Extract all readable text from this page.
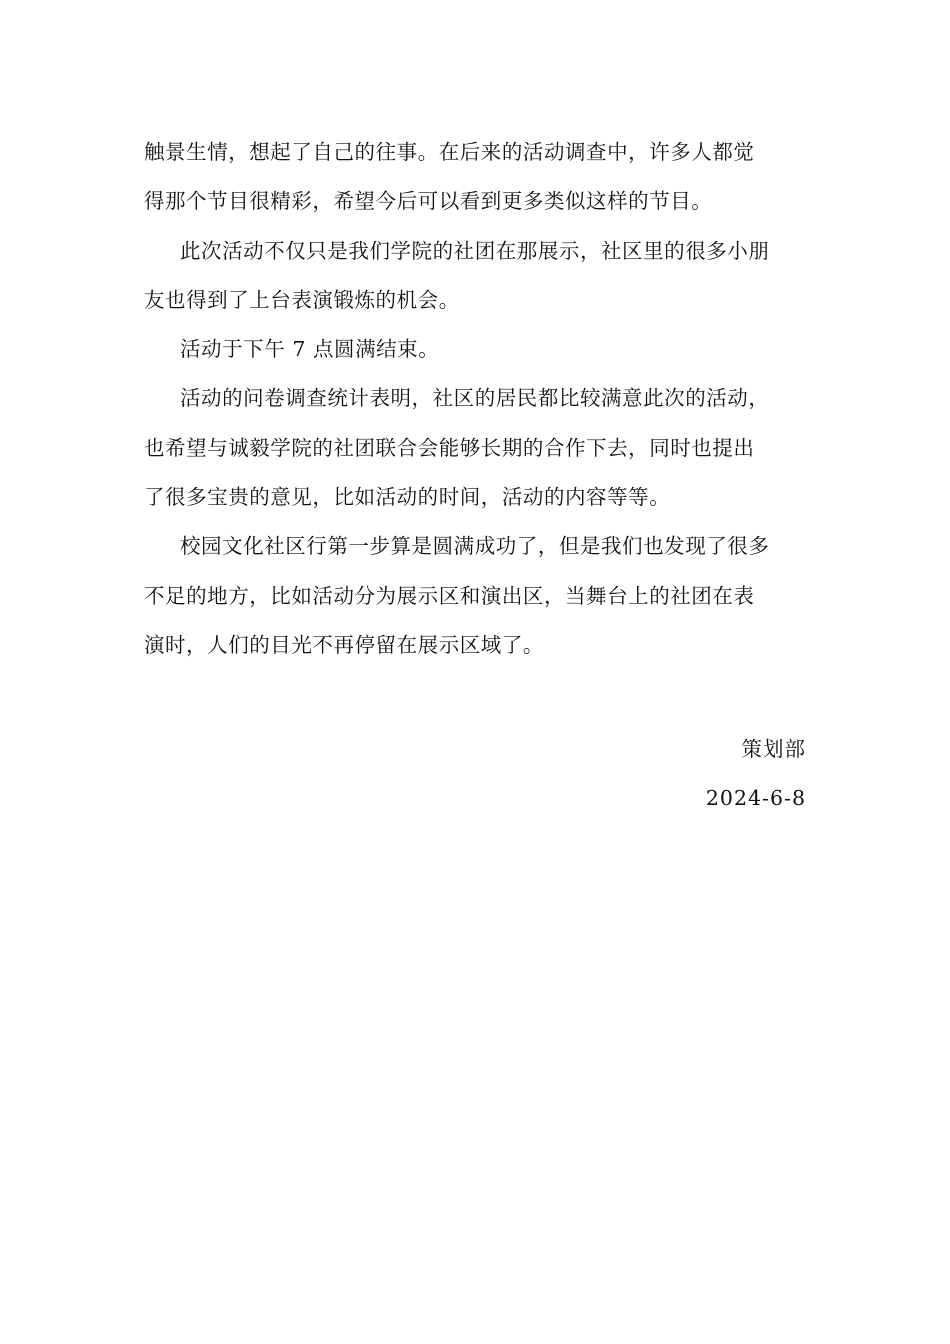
触景生情，想起了自己的往事。在后来的活动调查中，许多人都觉
得那个节目很精彩，希望今后可以看到更多类似这样的节目。

此次活动不仅只是我们学院的社团在那展示，社区里的很多小朋
友也得到了上台表演锻炼的机会。

活动于下午 7 点圆满结束。

活动的问卷调查统计表明，社区的居民都比较满意此次的活动，
也希望与诚毅学院的社团联合会能够长期的合作下去，同时也提出
了很多宝贵的意见，比如活动的时间，活动的内容等等。

校园文化社区行第一步算是圆满成功了，但是我们也发现了很多
不足的地方，比如活动分为展示区和演出区，当舞台上的社团在表
演时，人们的目光不再停留在展示区域了。

策划部
2024-6-8
